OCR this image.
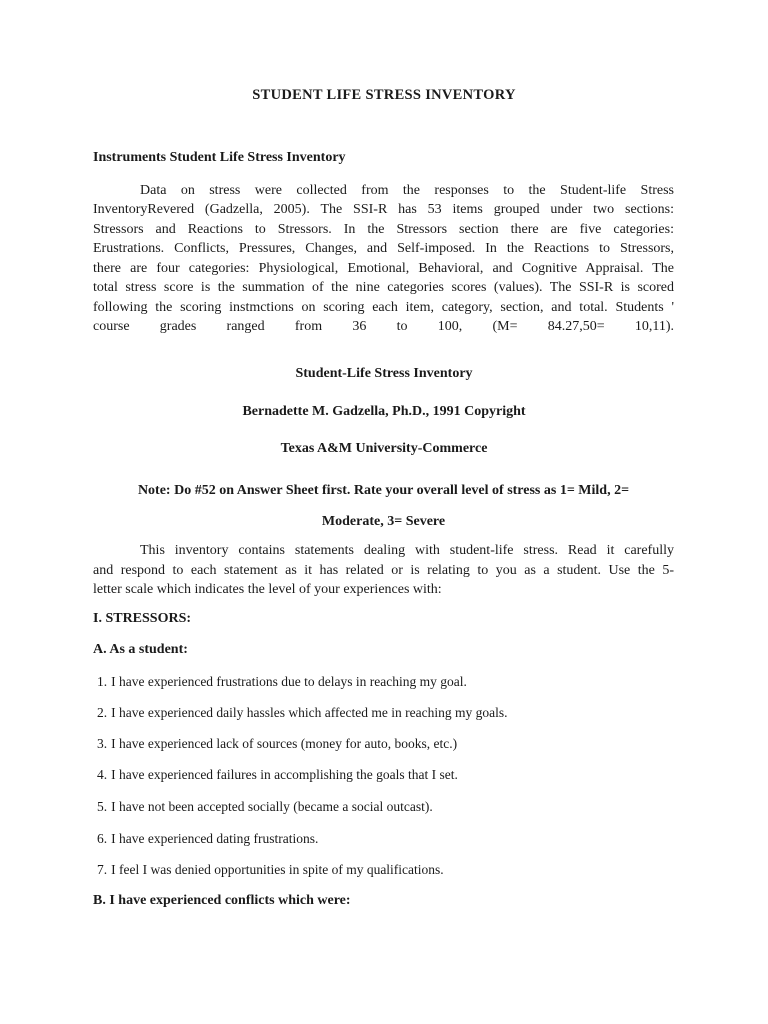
STUDENT LIFE STRESS INVENTORY
Instruments Student Life Stress Inventory
Data on stress were collected from the responses to the Student-life Stress
InventoryRevered (Gadzella, 2005). The SSI-R has 53 items grouped under two sections:
Stressors and Reactions to Stressors. In the Stressors section there are five categories:
Erustrations. Conflicts, Pressures, Changes, and Self-imposed. In the Reactions to Stressors,
there are four categories: Physiological, Emotional, Behavioral, and Cognitive Appraisal. The
total stress score is the summation of the nine categories scores (values). The SSI-R is scored
following the scoring instmctions on scoring each item, category, section, and total. Students '
course grades ranged from 36 to 100, (M= 84.27,50= 10,11).
Student-Life Stress Inventory
Bernadette M. Gadzella, Ph.D., 1991 Copyright
Texas A&M University-Commerce
Note: Do #52 on Answer Sheet first. Rate your overall level of stress as 1= Mild, 2=
Moderate, 3= Severe
This inventory contains statements dealing with student-life stress. Read it carefully
and respond to each statement as it has related or is relating to you as a student. Use the 5-
letter scale which indicates the level of your experiences with:
I. STRESSORS:
A. As a student:
1. I have experienced frustrations due to delays in reaching my goal.
2. I have experienced daily hassles which affected me in reaching my goals.
3. I have experienced lack of sources (money for auto, books, etc.)
4. I have experienced failures in accomplishing the goals that I set.
5. I have not been accepted socially (became a social outcast).
6. I have experienced dating frustrations.
7. I feel I was denied opportunities in spite of my qualifications.
B. I have experienced conflicts which were:
